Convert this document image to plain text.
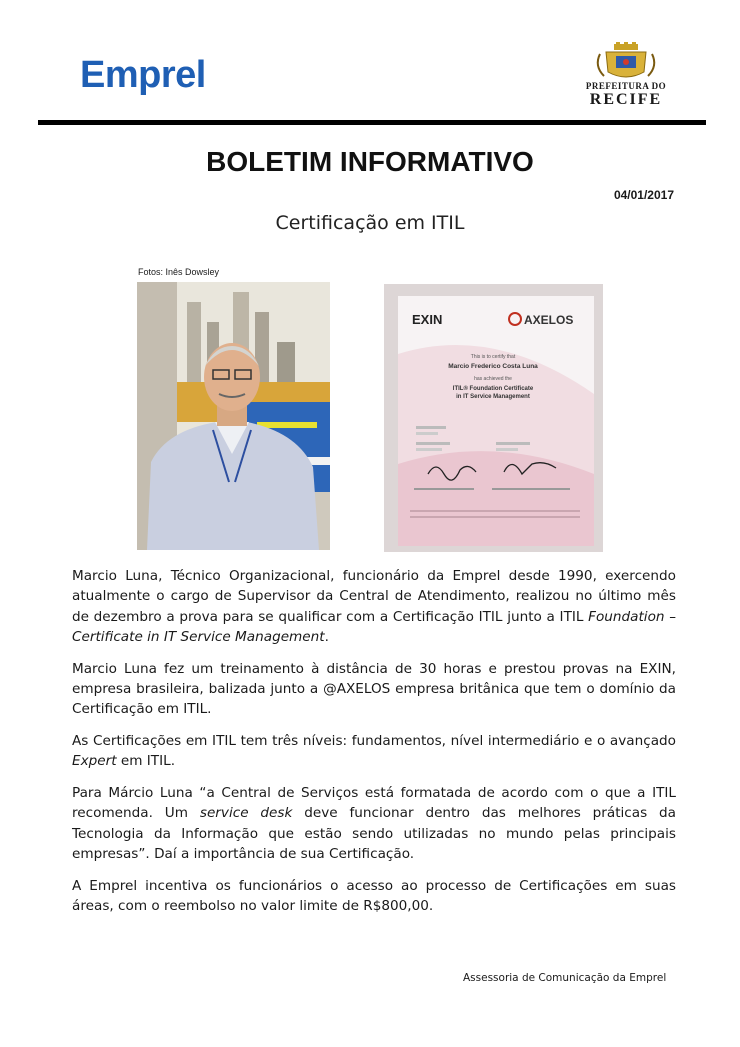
Emprel	PREFEITURA DO
RECIFE
BOLETIM INFORMATIVO
04/01/2017
Certificação em ITIL
Fotos: Inês Dowsley
EXIN	AXELOS
This is to certify that
Marcio Frederico Costa Luna
has achieved the
ITIL® Foundation Certificate
in IT Service Management

Marcio Luna, Técnico Organizacional, funcionário da Emprel desde 1990, exercendo atualmente o cargo de Supervisor da Central de Atendimento, realizou no último mês de dezembro a prova para se qualificar com a Certificação ITIL junto a ITIL Foundation – Certificate in IT Service Management.

Marcio Luna fez um treinamento à distância de 30 horas e prestou provas na EXIN, empresa brasileira, balizada junto a @AXELOS empresa britânica que tem o domínio da Certificação em ITIL.

As Certificações em ITIL tem três níveis: fundamentos, nível intermediário e o avançado Expert em ITIL.

Para Márcio Luna “a Central de Serviços está formatada de acordo com o que a ITIL recomenda. Um service desk deve funcionar dentro das melhores práticas da Tecnologia da Informação que estão sendo utilizadas no mundo pelas principais empresas”. Daí a importância de sua Certificação.

A Emprel incentiva os funcionários o acesso ao processo de Certificações em suas áreas, com o reembolso no valor limite de R$800,00.

Assessoria de Comunicação da Emprel
